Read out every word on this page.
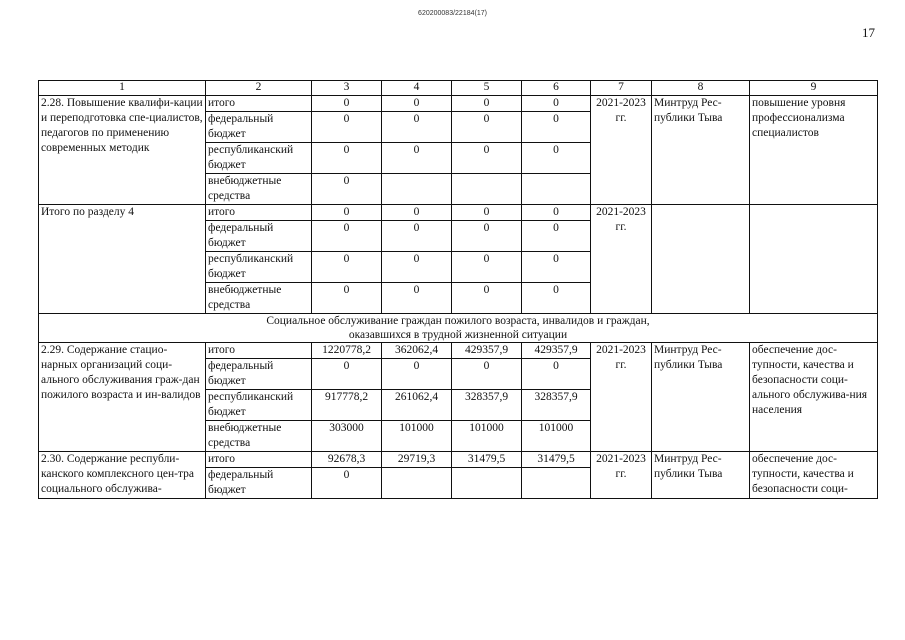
620200083/22184(17)
17
1	2	3	4	5	6	7	8	9
2.28. Повышение квалифи-кации и переподготовка спе-циалистов, педагогов по применению современных методик	итого	0	0	0	0	2021-2023 гг.	Минтруд Рес-публики Тыва	повышение уровня профессионализма специалистов
	федеральный бюджет	0	0	0	0			
	республиканский бюджет	0	0	0	0			
	внебюджетные средства	0						
Итого по разделу 4	итого	0	0	0	0	2021-2023 гг.		
	федеральный бюджет	0	0	0	0			
	республиканский бюджет	0	0	0	0			
	внебюджетные средства	0	0	0	0			
Социальное обслуживание граждан пожилого возраста, инвалидов и граждан,
оказавшихся в трудной жизненной ситуации								
2.29. Содержание стацио-нарных организаций соци-ального обслуживания граж-дан пожилого возраста и ин-валидов	итого	1220778,2	362062,4	429357,9	429357,9	2021-2023 гг.	Минтруд Рес-публики Тыва	обеспечение дос-тупности, качества и безопасности соци-ального обслужива-ния населения
	федеральный бюджет	0	0	0	0			
	республиканский бюджет	917778,2	261062,4	328357,9	328357,9			
	внебюджетные средства	303000	101000	101000	101000			
2.30. Содержание республи-канского комплексного цен-тра социального обслужива-	итого	92678,3	29719,3	31479,5	31479,5	2021-2023 гг.	Минтруд Рес-публики Тыва	обеспечение дос-тупности, качества и безопасности соци-
	федеральный бюджет	0						
